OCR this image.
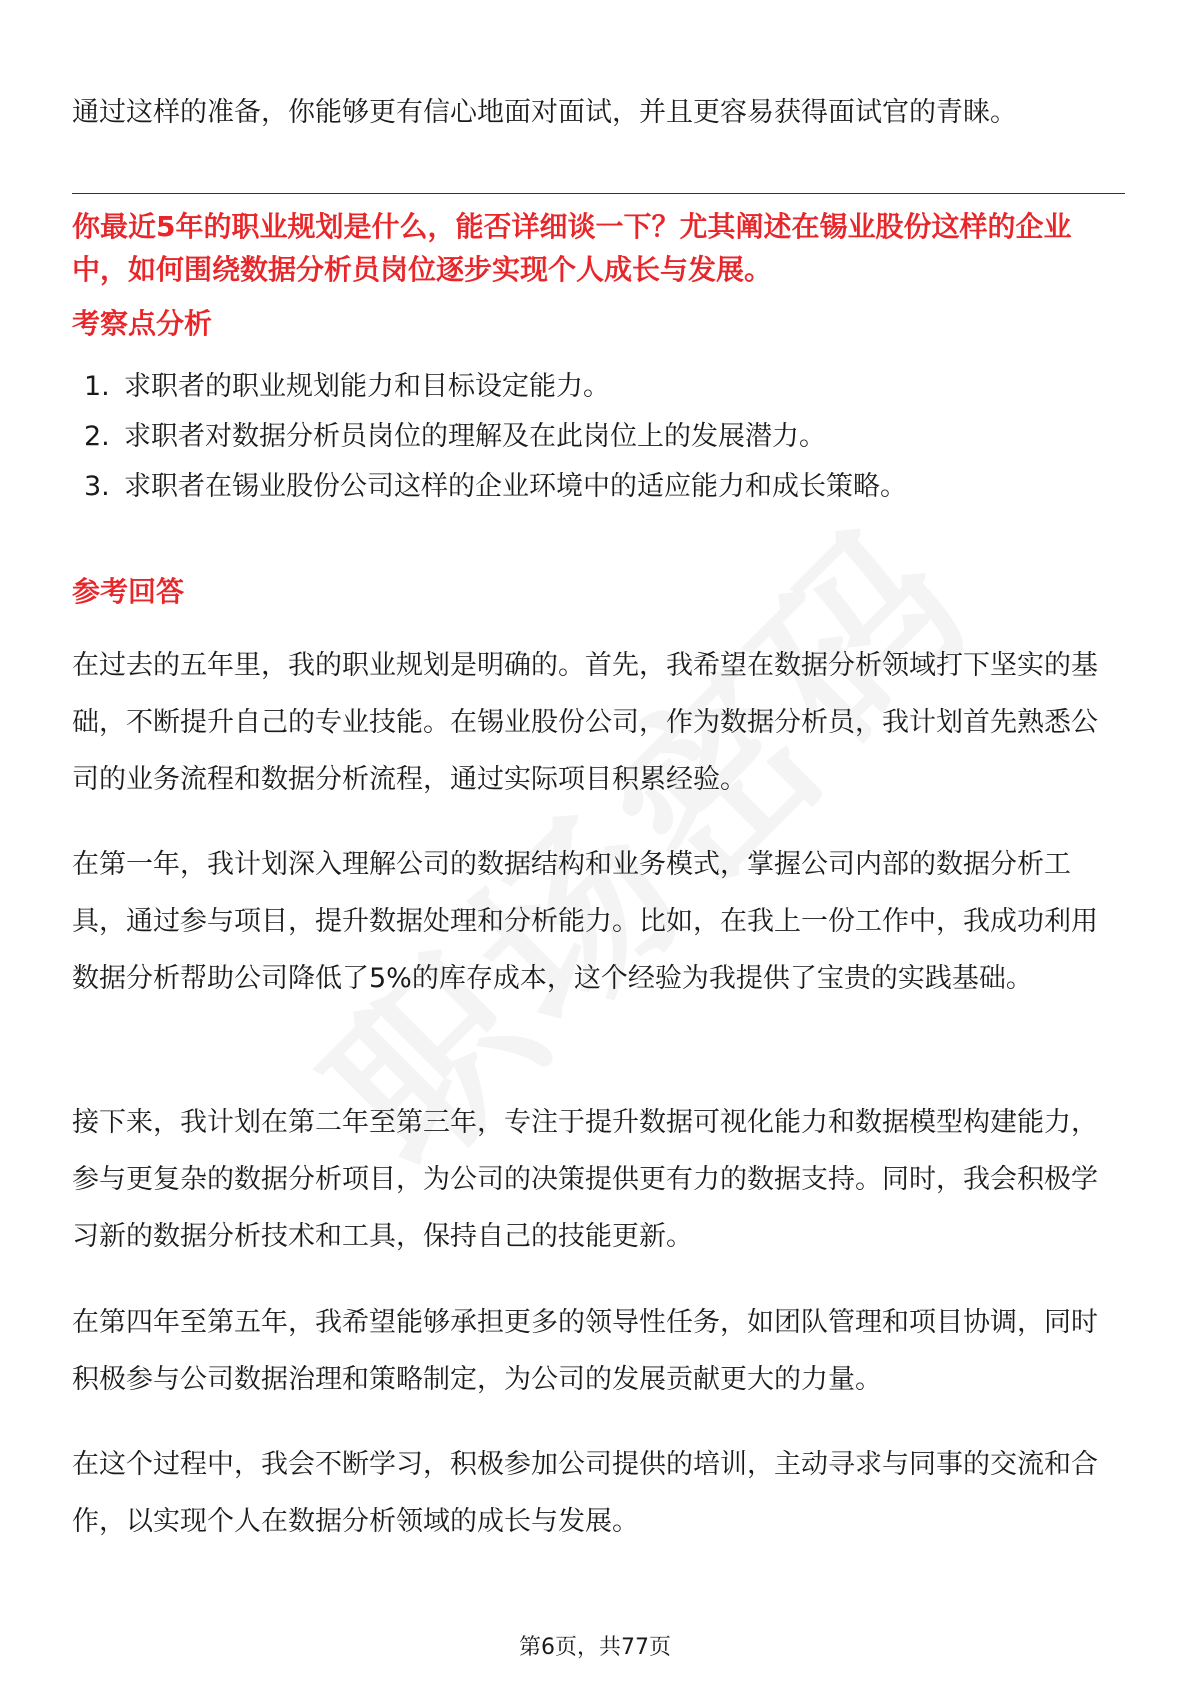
通过这样的准备，你能够更有信心地面对面试，并且更容易获得面试官的青睐。

你最近5年的职业规划是什么，能否详细谈一下？尤其阐述在锡业股份这样的企业中，如何围绕数据分析员岗位逐步实现个人成长与发展。

考察点分析

1. 求职者的职业规划能力和目标设定能力。
2. 求职者对数据分析员岗位的理解及在此岗位上的发展潜力。
3. 求职者在锡业股份公司这样的企业环境中的适应能力和成长策略。

参考回答

在过去的五年里，我的职业规划是明确的。首先，我希望在数据分析领域打下坚实的基础，不断提升自己的专业技能。在锡业股份公司，作为数据分析员，我计划首先熟悉公司的业务流程和数据分析流程，通过实际项目积累经验。

在第一年，我计划深入理解公司的数据结构和业务模式，掌握公司内部的数据分析工具，通过参与项目，提升数据处理和分析能力。比如，在我上一份工作中，我成功利用数据分析帮助公司降低了5%的库存成本，这个经验为我提供了宝贵的实践基础。

接下来，我计划在第二年至第三年，专注于提升数据可视化能力和数据模型构建能力，参与更复杂的数据分析项目，为公司的决策提供更有力的数据支持。同时，我会积极学习新的数据分析技术和工具，保持自己的技能更新。

在第四年至第五年，我希望能够承担更多的领导性任务，如团队管理和项目协调，同时积极参与公司数据治理和策略制定，为公司的发展贡献更大的力量。

在这个过程中，我会不断学习，积极参加公司提供的培训，主动寻求与同事的交流和合作，以实现个人在数据分析领域的成长与发展。

第6页，共77页
